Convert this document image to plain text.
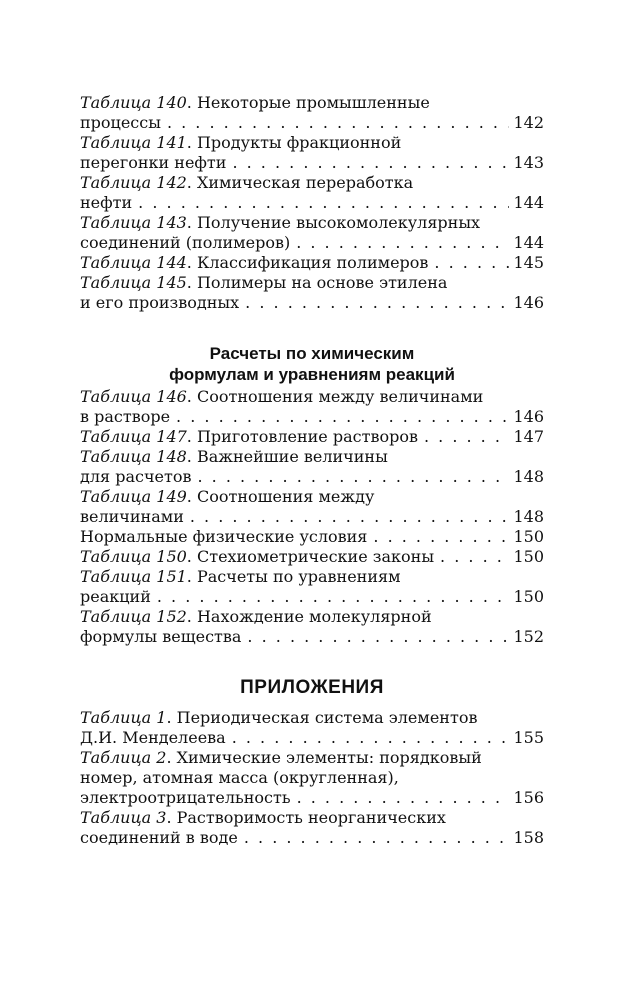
Таблица 140 . Некоторые промышленные
процессы . . .	142
Таблица 141 . Продукты фракционной
перегонки нефти . . .	143
Таблица 142 . Химическая переработка
нефти . . .	144
Таблица 143 . Получение высокомолекулярных
соединений (полимеров) . . .	144
Таблица 144 . Классификация полимеров . . .	145
Таблица 145 . Полимеры на основе этилена
и его производных . . .	146
Расчеты по химическим
формулам и уравнениям реакций
Таблица 146 . Соотношения между величинами
в растворе . . .	146
Таблица 147 . Приготовление растворов . . .	147
Таблица 148 . Важнейшие величины
для расчетов . . .	148
Таблица 149 . Соотношения между
величинами . . .	148
Нормальные физические условия . . .	150
Таблица 150 . Стехиометрические законы . . .	150
Таблица 151 . Расчеты по уравнениям
реакций . . .	150
Таблица 152 . Нахождение молекулярной
формулы вещества . . .	152
ПРИЛОЖЕНИЯ
Таблица 1 . Периодическая система элементов
Д.И. Менделеева . . .	155
Таблица 2 . Химические элементы: порядковый
номер, атомная масса (округленная),
электроотрицательность . . .	156
Таблица 3 . Растворимость неорганических
соединений в воде . . .	158
